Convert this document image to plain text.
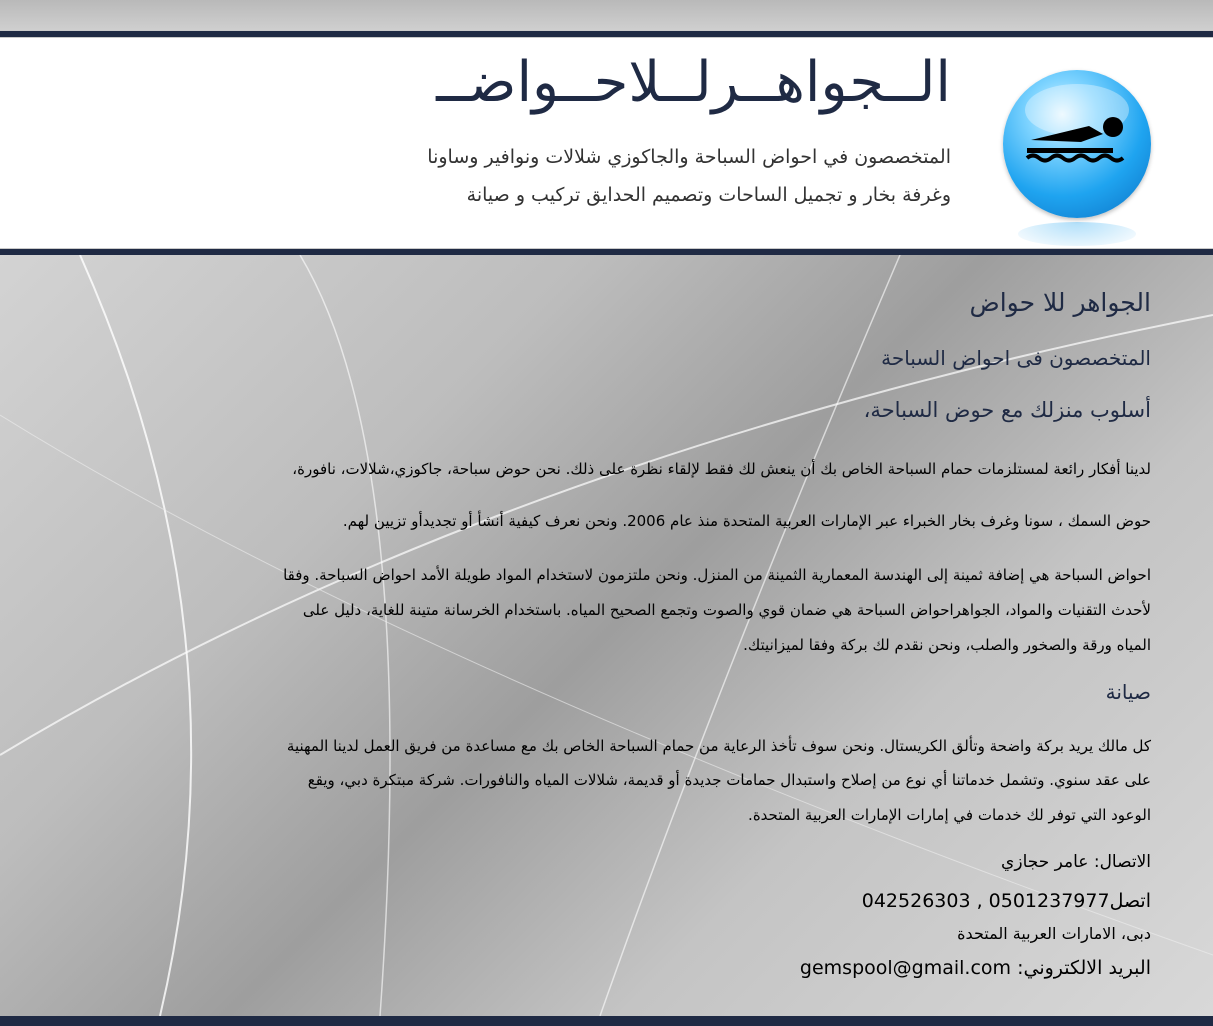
الــجواهــرلــلاحــواضــ
المتخصصون في احواض السباحة والجاكوزي شلالات ونوافير وساونا
وغرفة بخار و تجميل الساحات وتصميم الحدايق تركيب و صيانة
الجواهر للا حواض
المتخصصون فى احواض السباحة
أسلوب منزلك مع حوض السباحة،
لدينا أفكار رائعة لمستلزمات حمام السباحة الخاص بك أن ينعش لك فقط لإلقاء نظرة على ذلك. نحن حوض سباحة، جاكوزي،شلالات، نافورة،
حوض السمك ، سونا وغرف بخار الخبراء عبر الإمارات العربية المتحدة منذ عام 2006. ونحن نعرف كيفية أنشأ أو تجديدأو تزيين لهم.
احواض السباحة هي إضافة ثمينة إلى الهندسة المعمارية الثمينة من المنزل. ونحن ملتزمون لاستخدام المواد طويلة الأمد احواض السباحة. وفقا
لأحدث التقنيات والمواد، الجواهراحواض السباحة هي ضمان قوي والصوت وتجمع الصحيح المياه. باستخدام الخرسانة متينة للغاية، دليل على
المياه ورقة والصخور والصلب، ونحن نقدم لك بركة وفقا لميزانيتك.
صيانة
كل مالك يريد بركة واضحة وتألق الكريستال. ونحن سوف تأخذ الرعاية من حمام السباحة الخاص بك مع مساعدة من فريق العمل لدينا المهنية
على عقد سنوي. وتشمل خدماتنا أي نوع من إصلاح واستبدال حمامات جديدة أو قديمة، شلالات المياه والنافورات. شركة مبتكرة دبي، ويقع
الوعود التي توفر لك خدمات في إمارات الإمارات العربية المتحدة.
الاتصال: عامر حجازي
اتصل0501237977 , 042526303
دبى، الامارات العربية المتحدة
البريد الالكتروني: gemspool@gmail.com
